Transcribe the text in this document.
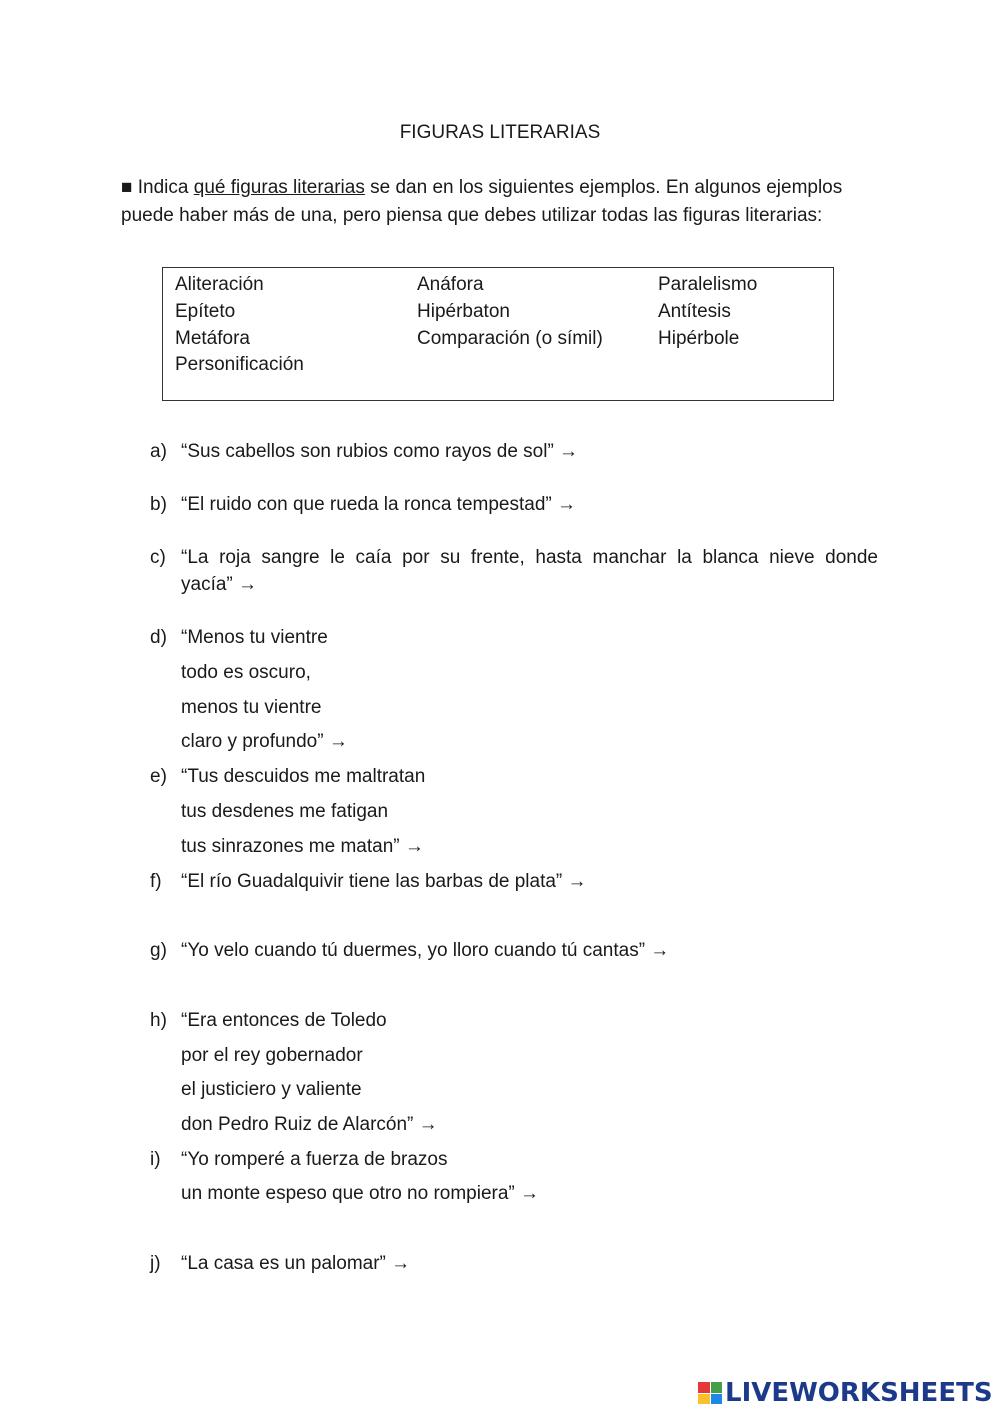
FIGURAS LITERARIAS
■ Indica qué figuras literarias se dan en los siguientes ejemplos. En algunos ejemplos
puede haber más de una, pero piensa que debes utilizar todas las figuras literarias:
Aliteración
Epíteto
Metáfora
Personificación
Anáfora
Hipérbaton
Comparación (o símil)
Paralelismo
Antítesis
Hipérbole
a) “Sus cabellos son rubios como rayos de sol” →
b) “El ruido con que rueda la ronca tempestad” →
c) “La roja sangre le caía por su frente, hasta manchar la blanca nieve donde
yacía” →
d) “Menos tu vientre
todo es oscuro,
menos tu vientre
claro y profundo” →
e) “Tus descuidos me maltratan
tus desdenes me fatigan
tus sinrazones me matan” →
f) “El río Guadalquivir tiene las barbas de plata” →
g) “Yo velo cuando tú duermes, yo lloro cuando tú cantas” →
h) “Era entonces de Toledo
por el rey gobernador
el justiciero y valiente
don Pedro Ruiz de Alarcón” →
i) “Yo romperé a fuerza de brazos
un monte espeso que otro no rompiera” →
j) “La casa es un palomar” →
LIVEWORKSHEETS
